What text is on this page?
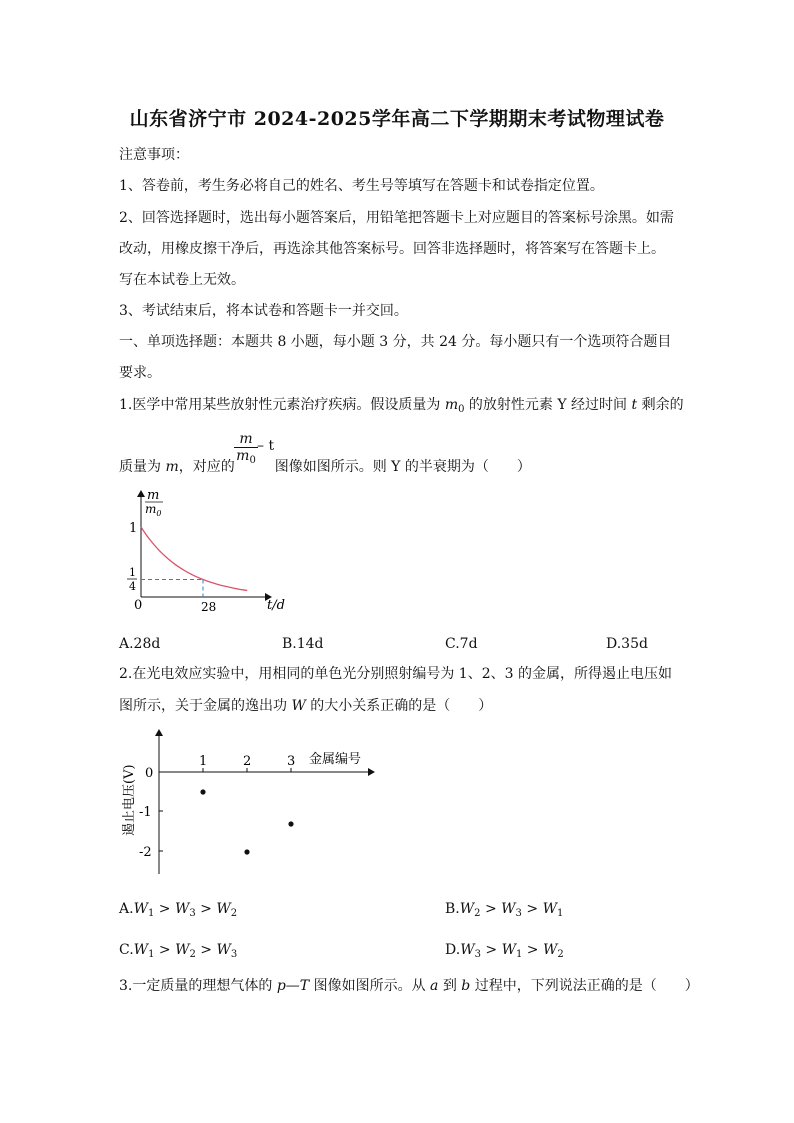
山东省济宁市 2024-2025学年高二下学期期末考试物理试卷
注意事项：
1、答卷前，考生务必将自己的姓名、考生号等填写在答题卡和试卷指定位置。
2、回答选择题时，选出每小题答案后，用铅笔把答题卡上对应题目的答案标号涂黑。如需
改动，用橡皮擦干净后，再选涂其他答案标号。回答非选择题时，将答案写在答题卡上。
写在本试卷上无效。
3、考试结束后，将本试卷和答题卡一并交回。
一、单项选择题：本题共 8 小题，每小题 3 分，共 24 分。每小题只有一个选项符合题目
要求。
1.医学中常用某些放射性元素治疗疾病。假设质量为 $m_0$ 的放射性元素 Y 经过时间 t 剩余的
$\frac{m}{m_0}$ – t
质量为 m，对应的	图像如图所示。则 Y 的半衰期为（　　）
m
$m_0$
1
1
4
0	28	t/d
A.28d	B.14d	C.7d	D.35d
2.在光电效应实验中，用相同的单色光分别照射编号为 1、2、3 的金属，所得遏止电压如
图所示，关于金属的逸出功 W 的大小关系正确的是（　　）
0
-1
-2
1	2	3 金属编号
遏止电压(V)
$A.W_1 > W_3 > W_2$	$B.W_2 > W_3 > W_1$
$C.W_1 > W_2 > W_3$	$D.W_3 > W_1 > W_2$
3.一定质量的理想气体的 p—T 图像如图所示。从 a 到 b 过程中，下列说法正确的是（　　）
